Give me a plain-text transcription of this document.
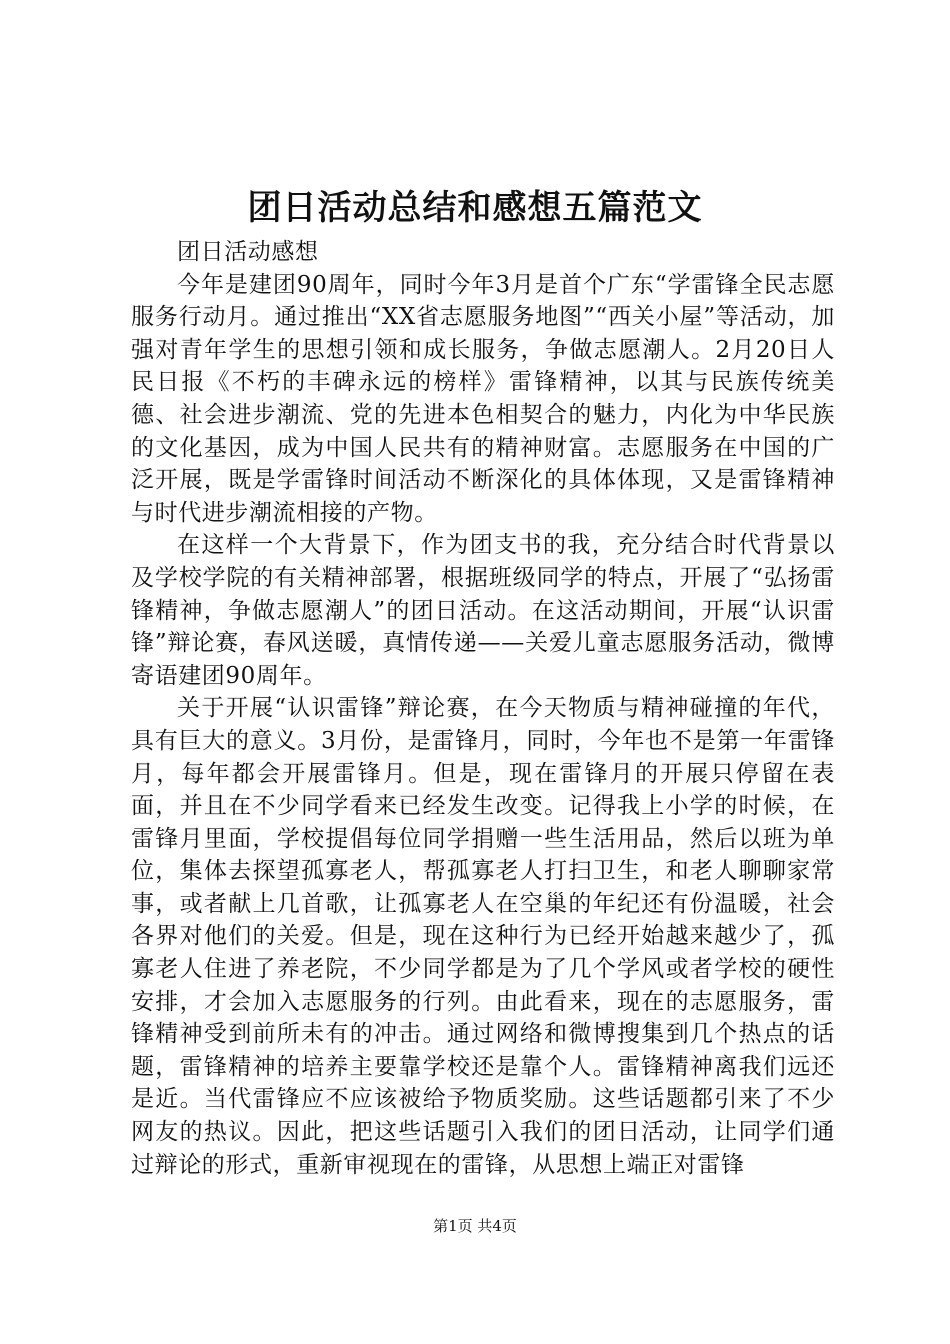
团日活动总结和感想五篇范文

团日活动感想

今年是建团90周年，同时今年3月是首个广东“学雷锋全民志愿服务行动月。通过推出“XX省志愿服务地图”“西关小屋”等活动，加强对青年学生的思想引领和成长服务，争做志愿潮人。2月20日人民日报《不朽的丰碑永远的榜样》雷锋精神，以其与民族传统美德、社会进步潮流、党的先进本色相契合的魅力，内化为中华民族的文化基因，成为中国人民共有的精神财富。志愿服务在中国的广泛开展，既是学雷锋时间活动不断深化的具体体现，又是雷锋精神与时代进步潮流相接的产物。

在这样一个大背景下，作为团支书的我，充分结合时代背景以及学校学院的有关精神部署，根据班级同学的特点，开展了“弘扬雷锋精神，争做志愿潮人”的团日活动。在这活动期间，开展“认识雷锋”辩论赛，春风送暖，真情传递——关爱儿童志愿服务活动，微博寄语建团90周年。

关于开展“认识雷锋”辩论赛，在今天物质与精神碰撞的年代，具有巨大的意义。3月份，是雷锋月，同时，今年也不是第一年雷锋月，每年都会开展雷锋月。但是，现在雷锋月的开展只停留在表面，并且在不少同学看来已经发生改变。记得我上小学的时候，在雷锋月里面，学校提倡每位同学捐赠一些生活用品，然后以班为单位，集体去探望孤寡老人，帮孤寡老人打扫卫生，和老人聊聊家常事，或者献上几首歌，让孤寡老人在空巢的年纪还有份温暖，社会各界对他们的关爱。但是，现在这种行为已经开始越来越少了，孤寡老人住进了养老院，不少同学都是为了几个学风或者学校的硬性安排，才会加入志愿服务的行列。由此看来，现在的志愿服务，雷锋精神受到前所未有的冲击。通过网络和微博搜集到几个热点的话题，雷锋精神的培养主要靠学校还是靠个人。雷锋精神离我们远还是近。当代雷锋应不应该被给予物质奖励。这些话题都引来了不少网友的热议。因此，把这些话题引入我们的团日活动，让同学们通过辩论的形式，重新审视现在的雷锋，从思想上端正对雷锋

第1页 共4页
